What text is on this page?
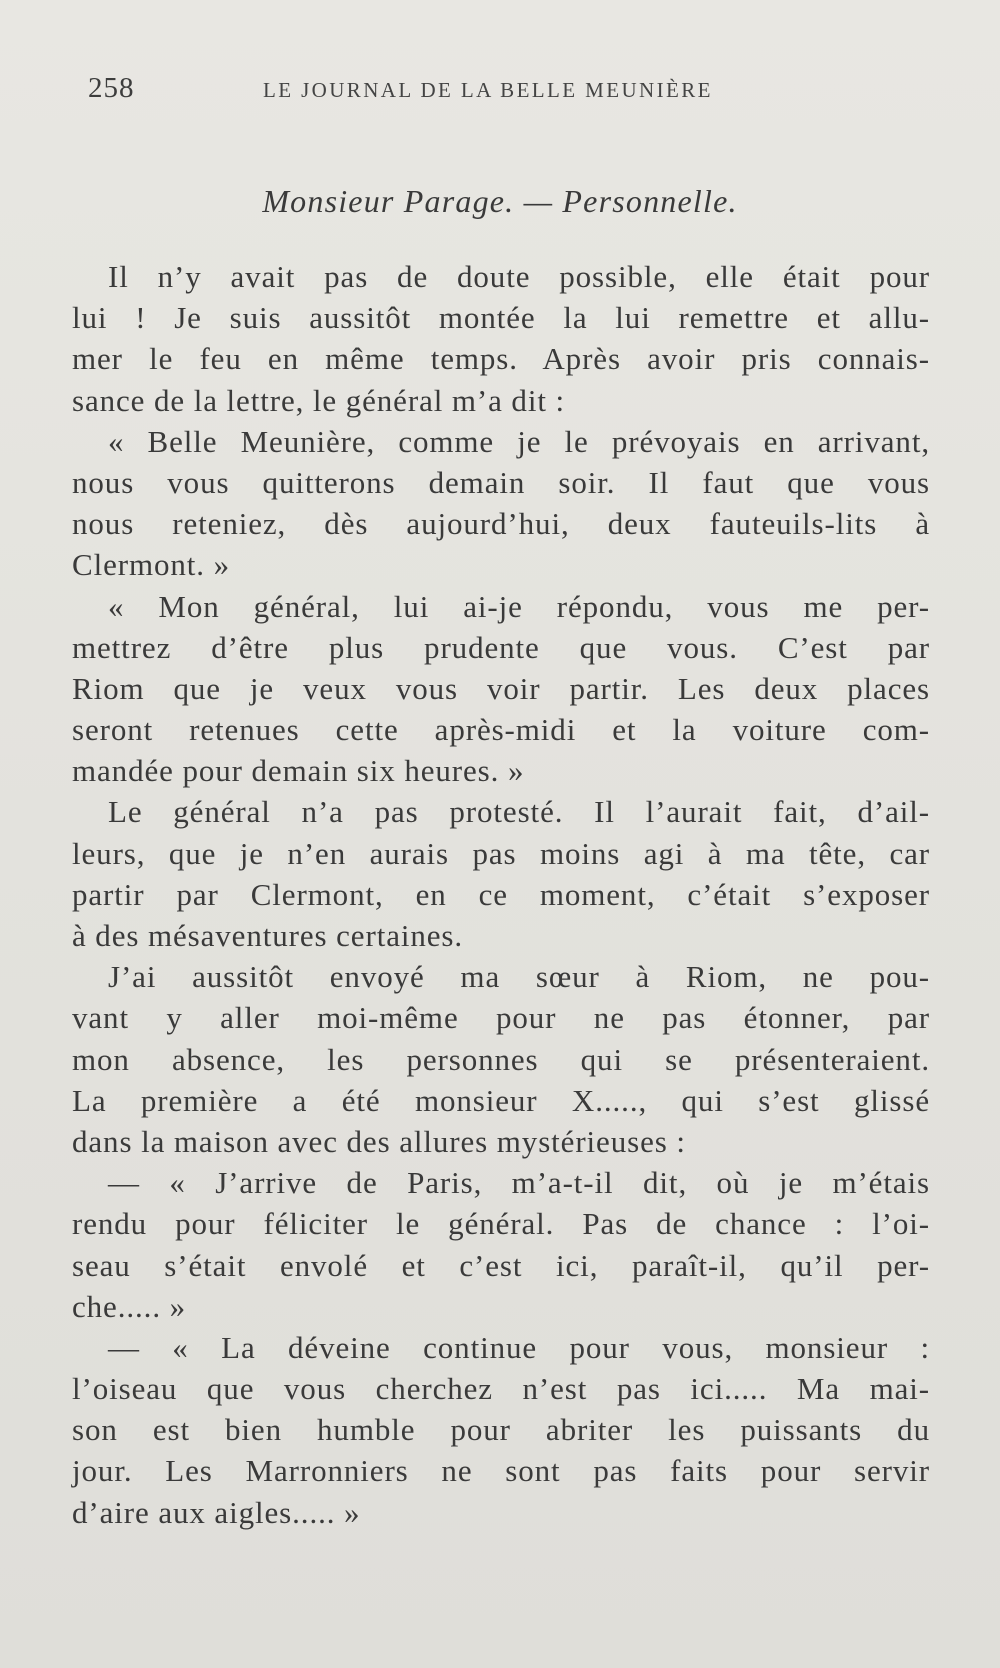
258	LE JOURNAL DE LA BELLE MEUNIÈRE
Monsieur Parage. — Personnelle.
Il n’y avait pas de doute possible, elle était pour
lui ! Je suis aussitôt montée la lui remettre et allu-
mer le feu en même temps. Après avoir pris connais-
sance de la lettre, le général m’a dit :
« Belle Meunière, comme je le prévoyais en arrivant,
nous vous quitterons demain soir. Il faut que vous
nous reteniez, dès aujourd’hui, deux fauteuils-lits à
Clermont. »
« Mon général, lui ai-je répondu, vous me per-
mettrez d’être plus prudente que vous. C’est par
Riom que je veux vous voir partir. Les deux places
seront retenues cette après-midi et la voiture com-
mandée pour demain six heures. »
Le général n’a pas protesté. Il l’aurait fait, d’ail-
leurs, que je n’en aurais pas moins agi à ma tête, car
partir par Clermont, en ce moment, c’était s’exposer
à des mésaventures certaines.
J’ai aussitôt envoyé ma sœur à Riom, ne pou-
vant y aller moi-même pour ne pas étonner, par
mon absence, les personnes qui se présenteraient.
La première a été monsieur X....., qui s’est glissé
dans la maison avec des allures mystérieuses :
— « J’arrive de Paris, m’a-t-il dit, où je m’étais
rendu pour féliciter le général. Pas de chance : l’oi-
seau s’était envolé et c’est ici, paraît-il, qu’il per-
che..... »
— « La déveine continue pour vous, monsieur :
l’oiseau que vous cherchez n’est pas ici..... Ma mai-
son est bien humble pour abriter les puissants du
jour. Les Marronniers ne sont pas faits pour servir
d’aire aux aigles..... »
